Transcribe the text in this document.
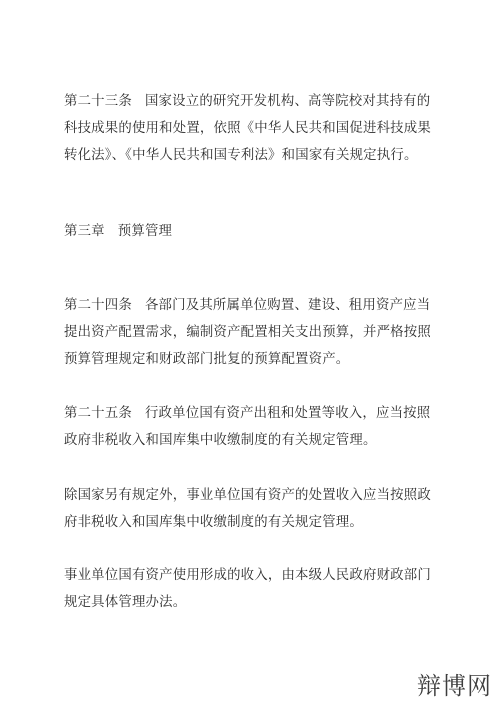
第二十三条 国家设立的研究开发机构、高等院校对其持有的科技成果的使用和处置，依照《中华人民共和国促进科技成果转化法》、《中华人民共和国专利法》和国家有关规定执行。
第三章 预算管理
第二十四条 各部门及其所属单位购置、建设、租用资产应当提出资产配置需求，编制资产配置相关支出预算，并严格按照预算管理规定和财政部门批复的预算配置资产。
第二十五条 行政单位国有资产出租和处置等收入，应当按照政府非税收入和国库集中收缴制度的有关规定管理。
除国家另有规定外，事业单位国有资产的处置收入应当按照政府非税收入和国库集中收缴制度的有关规定管理。
事业单位国有资产使用形成的收入，由本级人民政府财政部门规定具体管理办法。
辩博网
